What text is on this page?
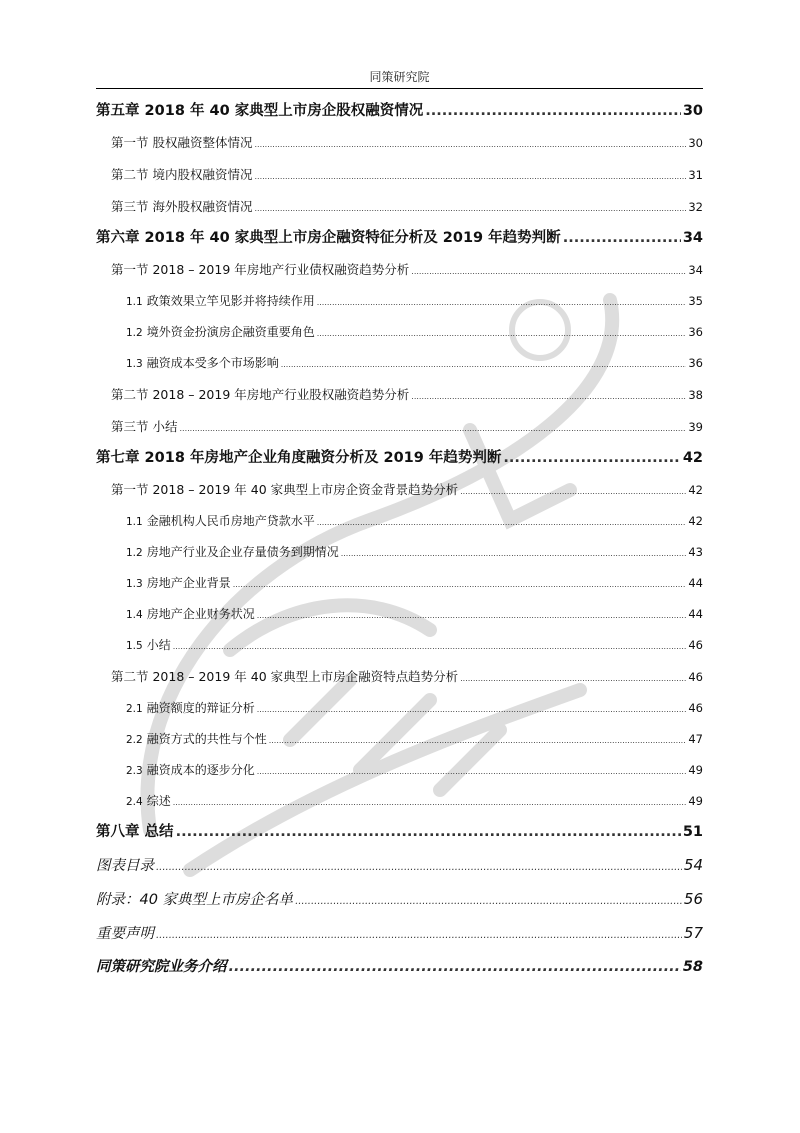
同策研究院
第五章 2018 年 40 家典型上市房企股权融资情况 .....	30
第一节 股权融资整体情况 .....	30
第二节 境内股权融资情况 .....	31
第三节 海外股权融资情况 .....	32
第六章 2018 年 40 家典型上市房企融资特征分析及 2019 年趋势判断 .....	34
第一节 2018 – 2019 年房地产行业债权融资趋势分析 .....	34
1.1 政策效果立竿见影并将持续作用 .....	35
1.2 境外资金扮演房企融资重要角色 .....	36
1.3 融资成本受多个市场影响 .....	36
第二节 2018 – 2019 年房地产行业股权融资趋势分析 .....	38
第三节 小结 .....	39
第七章 2018 年房地产企业角度融资分析及 2019 年趋势判断 .....	42
第一节 2018 – 2019 年 40 家典型上市房企资金背景趋势分析 .....	42
1.1 金融机构人民币房地产贷款水平 .....	42
1.2 房地产行业及企业存量债务到期情况 .....	43
1.3 房地产企业背景 .....	44
1.4 房地产企业财务状况 .....	44
1.5 小结 .....	46
第二节 2018 – 2019 年 40 家典型上市房企融资特点趋势分析 .....	46
2.1 融资额度的辩证分析 .....	46
2.2 融资方式的共性与个性 .....	47
2.3 融资成本的逐步分化 .....	49
2.4 综述 .....	49
第八章 总结 .....	51
图表目录 .....	54
附录：40 家典型上市房企名单 .....	56
重要声明 .....	57
同策研究院业务介绍 .....	58
